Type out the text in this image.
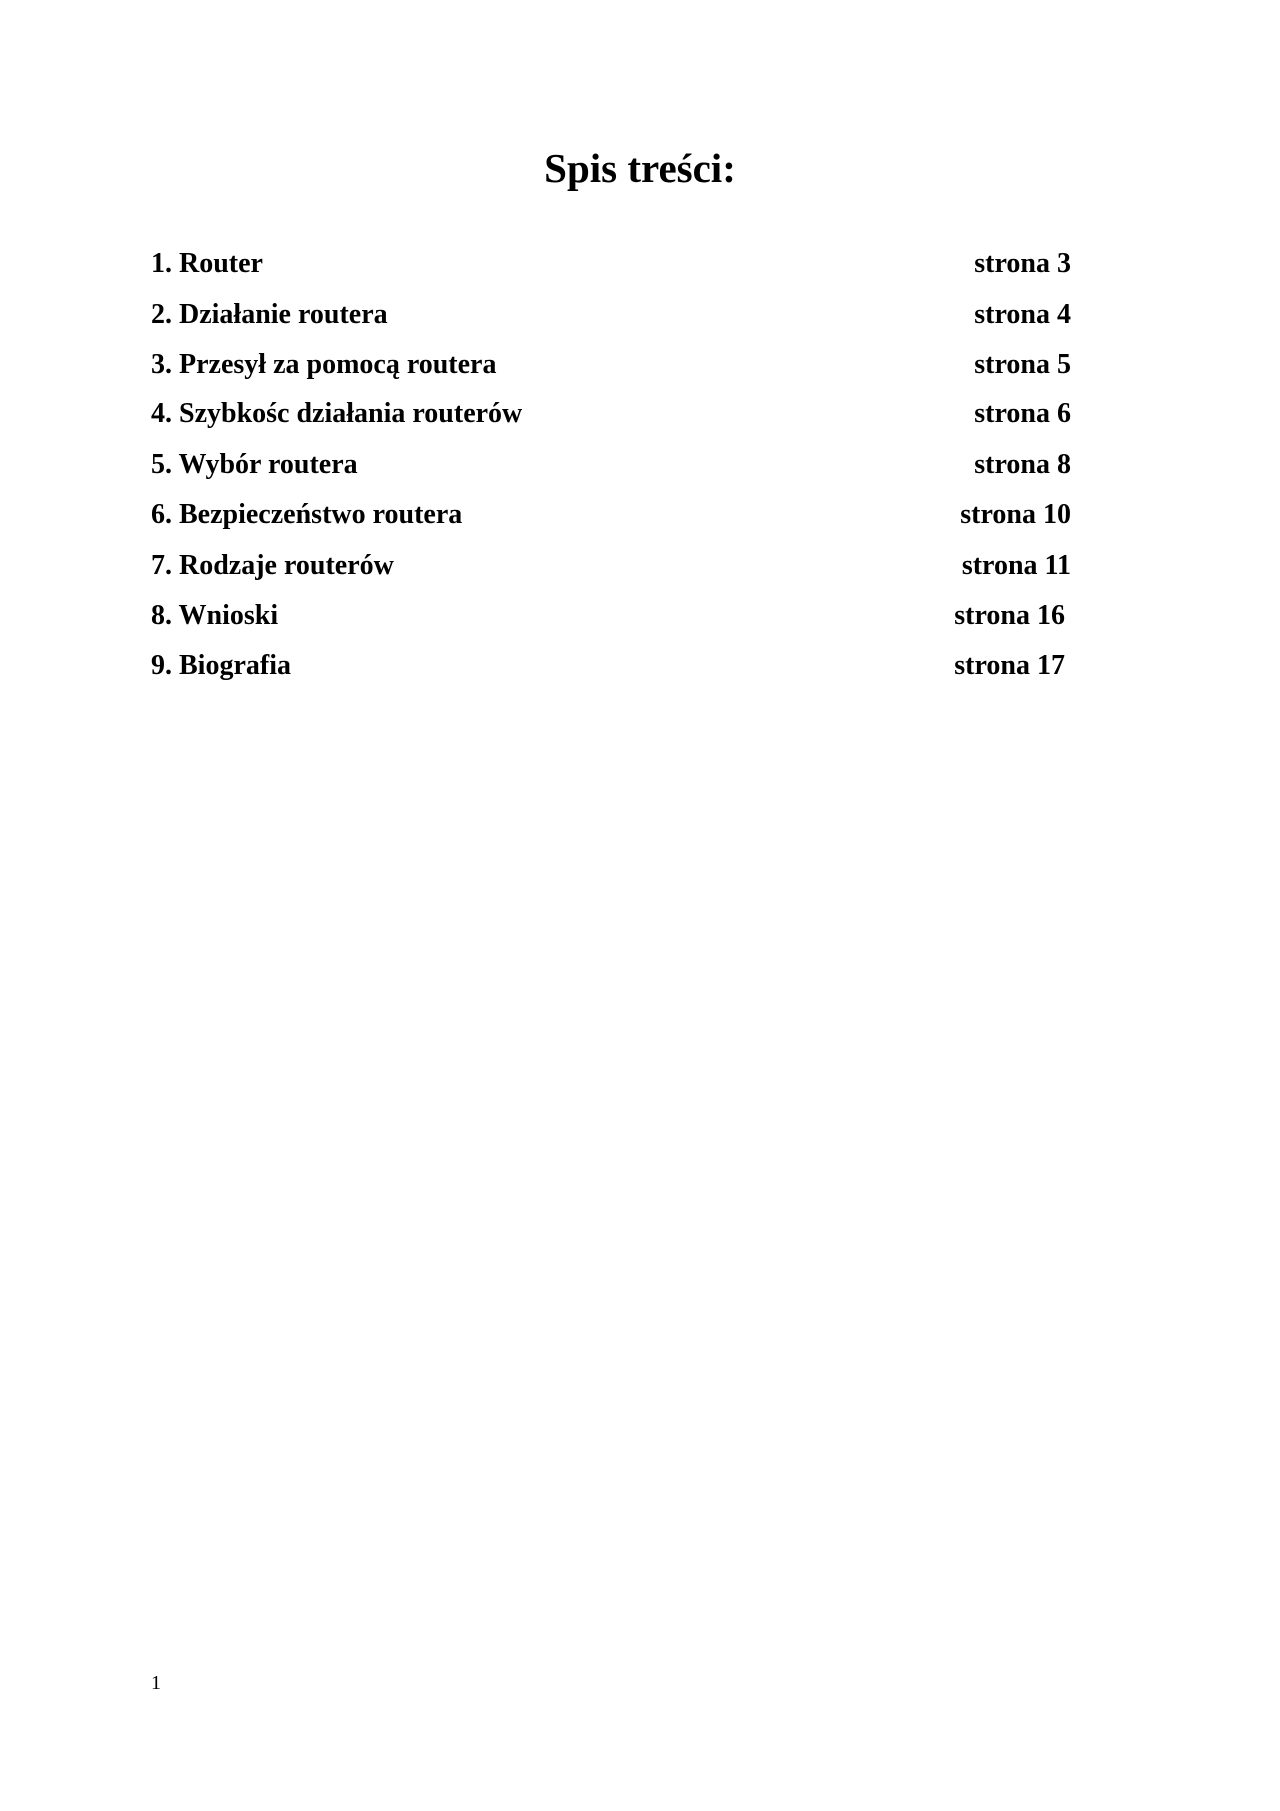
Spis treści:
1. Router	strona 3
2. Działanie routera	strona 4
3. Przesył za pomocą routera	strona 5
4. Szybkośc działania routerów	strona 6
5. Wybór routera	strona 8
6. Bezpieczeństwo routera	strona 10
7. Rodzaje routerów	strona 11
8. Wnioski	strona 16
9. Biografia	strona 17
1
